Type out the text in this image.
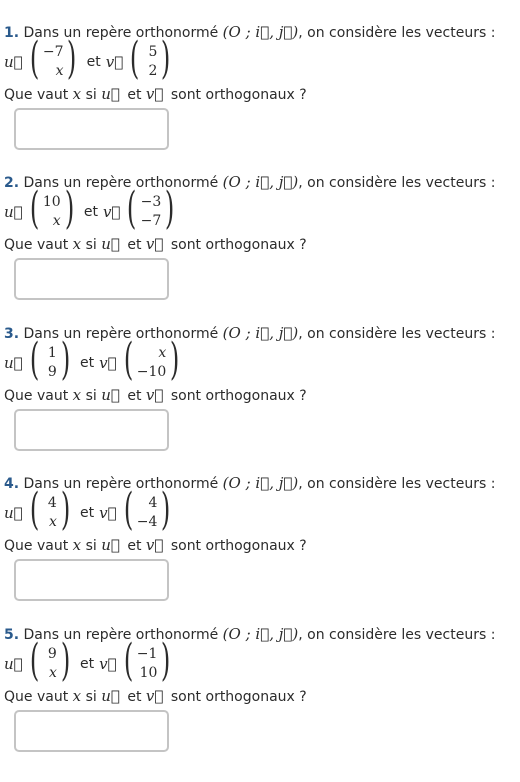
1. Dans un repère orthonormé (O ; i⃗, j⃗), on considère les vecteurs :
u⃗ ( −7
x ) et v⃗ ( 5
2 )
Que vaut x si u⃗ et v⃗ sont orthogonaux ?
2. Dans un repère orthonormé (O ; i⃗, j⃗), on considère les vecteurs :
u⃗ ( 10
x ) et v⃗ ( −3
−7 )
Que vaut x si u⃗ et v⃗ sont orthogonaux ?
3. Dans un repère orthonormé (O ; i⃗, j⃗), on considère les vecteurs :
u⃗ ( 1
9 ) et v⃗ (	x
−10 )
Que vaut x si u⃗ et v⃗ sont orthogonaux ?
4. Dans un repère orthonormé (O ; i⃗, j⃗), on considère les vecteurs :
u⃗ ( 4
x ) et v⃗ (	4
−4 )
Que vaut x si u⃗ et v⃗ sont orthogonaux ?
5. Dans un repère orthonormé (O ; i⃗, j⃗), on considère les vecteurs :
u⃗ ( 9
x ) et v⃗ ( −1
10 )
Que vaut x si u⃗ et v⃗ sont orthogonaux ?
